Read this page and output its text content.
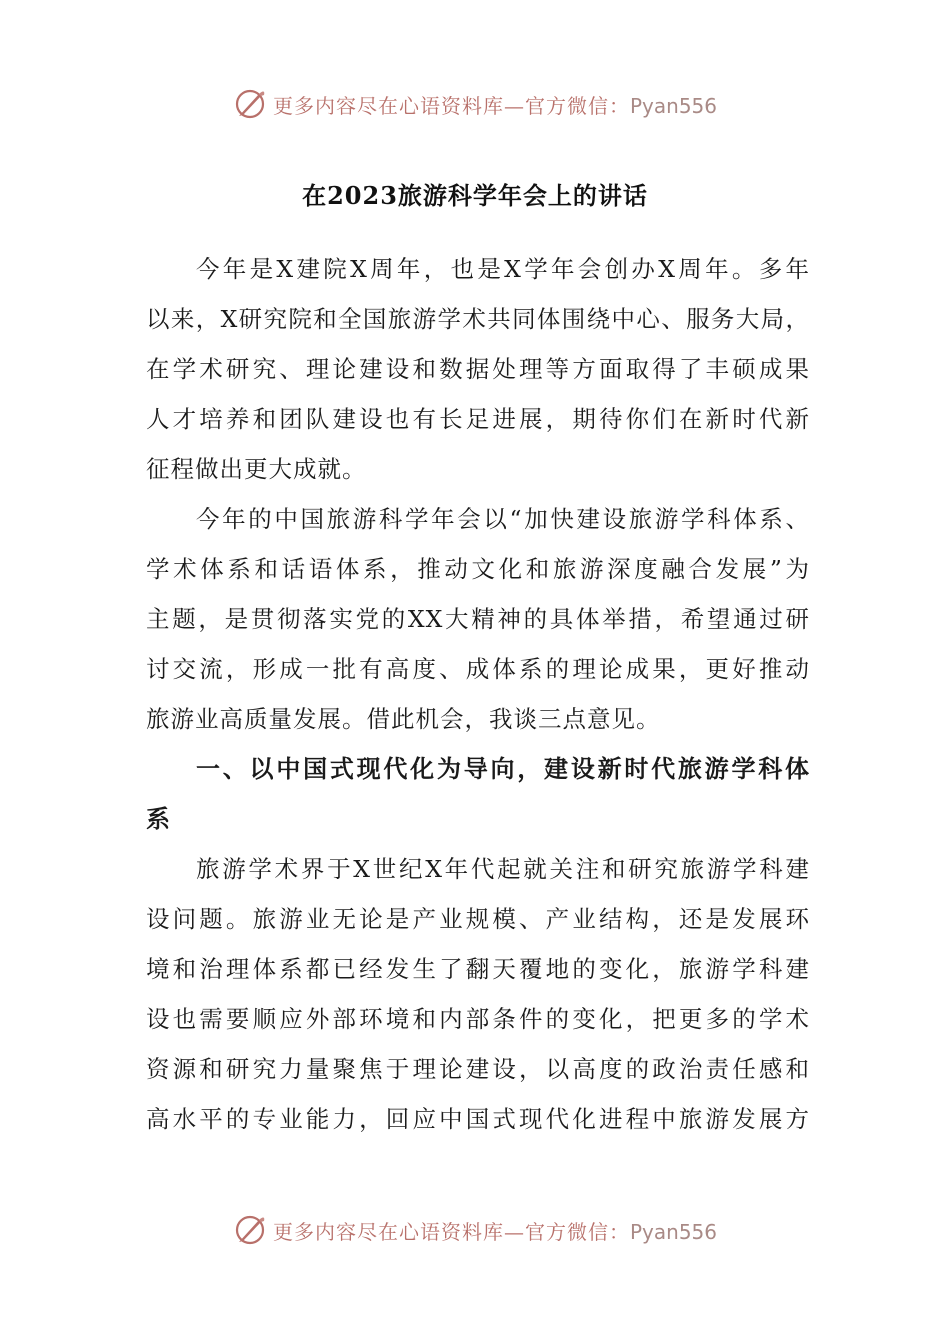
更多内容尽在心语资料库—官方微信：Pyan556
在2023旅游科学年会上的讲话
今年是X建院X周年，也是X学年会创办X周年。多年
以来，X研究院和全国旅游学术共同体围绕中心、服务大局，
在学术研究、理论建设和数据处理等方面取得了丰硕成果
人才培养和团队建设也有长足进展，期待你们在新时代新
征程做出更大成就。
今年的中国旅游科学年会以“加快建设旅游学科体系、
学术体系和话语体系，推动文化和旅游深度融合发展”为
主题，是贯彻落实党的XX大精神的具体举措，希望通过研
讨交流，形成一批有高度、成体系的理论成果，更好推动
旅游业高质量发展。借此机会，我谈三点意见。
一、以中国式现代化为导向，建设新时代旅游学科体
系
旅游学术界于X世纪X年代起就关注和研究旅游学科建
设问题。旅游业无论是产业规模、产业结构，还是发展环
境和治理体系都已经发生了翻天覆地的变化，旅游学科建
设也需要顺应外部环境和内部条件的变化，把更多的学术
资源和研究力量聚焦于理论建设，以高度的政治责任感和
高水平的专业能力，回应中国式现代化进程中旅游发展方
更多内容尽在心语资料库—官方微信：Pyan556
